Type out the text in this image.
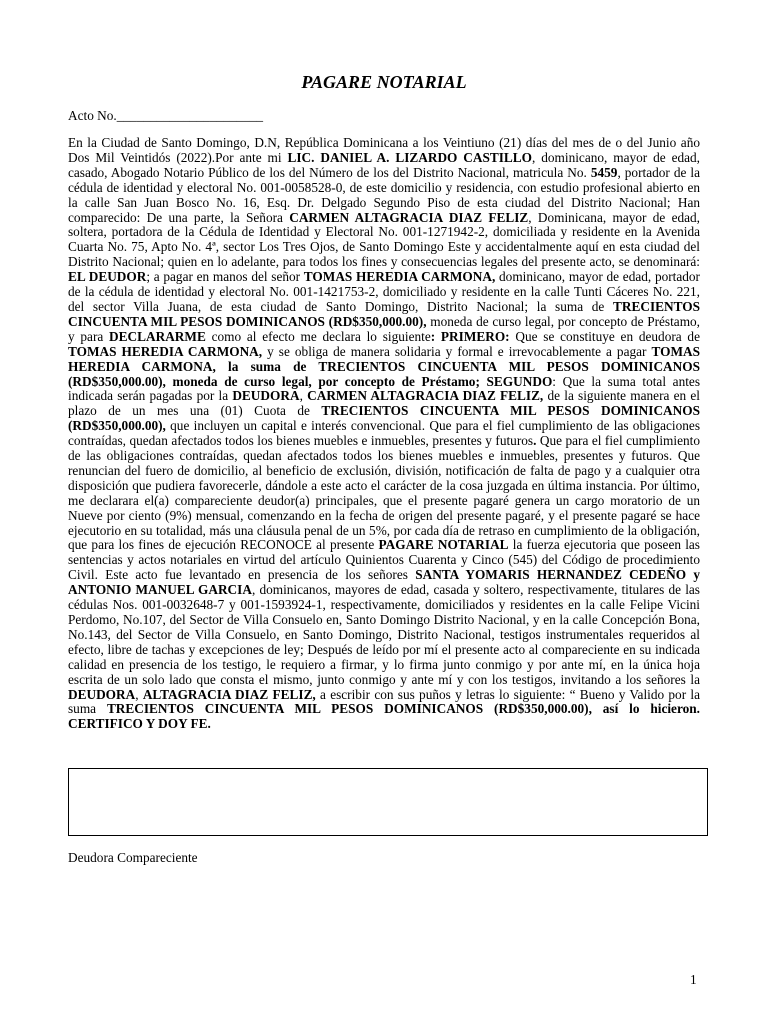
PAGARE NOTARIAL
Acto No.______________________
En la Ciudad de Santo Domingo, D.N, República Dominicana a los Veintiuno (21) días del mes de o del Junio año Dos Mil Veintidós (2022).Por ante mi LIC. DANIEL A. LIZARDO CASTILLO, dominicano, mayor de edad, casado, Abogado Notario Público de los del Número de los del Distrito Nacional, matricula No. 5459, portador de la cédula de identidad y electoral No. 001-0058528-0, de este domicilio y residencia, con estudio profesional abierto en la calle San Juan Bosco No. 16, Esq. Dr. Delgado Segundo Piso de esta ciudad del Distrito Nacional; Han comparecido: De una parte, la Señora CARMEN ALTAGRACIA DIAZ FELIZ, Dominicana, mayor de edad, soltera, portadora de la Cédula de Identidad y Electoral No. 001-1271942-2, domiciliada y residente en la Avenida Cuarta No. 75, Apto No. 4ª, sector Los Tres Ojos, de Santo Domingo Este y accidentalmente aquí en esta ciudad del Distrito Nacional; quien en lo adelante, para todos los fines y consecuencias legales del presente acto, se denominará: EL DEUDOR; a pagar en manos del señor TOMAS HEREDIA CARMONA, dominicano, mayor de edad, portador de la cédula de identidad y electoral No. 001-1421753-2, domiciliado y residente en la calle Tunti Cáceres No. 221, del sector Villa Juana, de esta ciudad de Santo Domingo, Distrito Nacional; la suma de TRECIENTOS CINCUENTA MIL PESOS DOMINICANOS (RD$350,000.00), moneda de curso legal, por concepto de Préstamo, y para DECLARARME como al efecto me declara lo siguiente: PRIMERO: Que se constituye en deudora de TOMAS HEREDIA CARMONA, y se obliga de manera solidaria y formal e irrevocablemente a pagar TOMAS HEREDIA CARMONA, la suma de TRECIENTOS CINCUENTA MIL PESOS DOMINICANOS (RD$350,000.00), moneda de curso legal, por concepto de Préstamo; SEGUNDO: Que la suma total antes indicada serán pagadas por la DEUDORA, CARMEN ALTAGRACIA DIAZ FELIZ, de la siguiente manera en el plazo de un mes una (01) Cuota de TRECIENTOS CINCUENTA MIL PESOS DOMINICANOS (RD$350,000.00), que incluyen un capital e interés convencional. Que para el fiel cumplimiento de las obligaciones contraídas, quedan afectados todos los bienes muebles e inmuebles, presentes y futuros. Que para el fiel cumplimiento de las obligaciones contraídas, quedan afectados todos los bienes muebles e inmuebles, presentes y futuros. Que renuncian del fuero de domicilio, al beneficio de exclusión, división, notificación de falta de pago y a cualquier otra disposición que pudiera favorecerle, dándole a este acto el carácter de la cosa juzgada en última instancia. Por último, me declarara el(a) compareciente deudor(a) principales, que el presente pagaré genera un cargo moratorio de un Nueve por ciento (9%) mensual, comenzando en la fecha de origen del presente pagaré, y el presente pagaré se hace ejecutorio en su totalidad, más una cláusula penal de un 5%, por cada día de retraso en cumplimiento de la obligación, que para los fines de ejecución RECONOCE al presente PAGARE NOTARIAL la fuerza ejecutoria que poseen las sentencias y actos notariales en virtud del artículo Quinientos Cuarenta y Cinco (545) del Código de procedimiento Civil. Este acto fue levantado en presencia de los señores SANTA YOMARIS HERNANDEZ CEDEÑO y ANTONIO MANUEL GARCIA, dominicanos, mayores de edad, casada y soltero, respectivamente, titulares de las cédulas Nos. 001-0032648-7 y 001-1593924-1, respectivamente, domiciliados y residentes en la calle Felipe Vicini Perdomo, No.107, del Sector de Villa Consuelo en, Santo Domingo Distrito Nacional, y en la calle Concepción Bona, No.143, del Sector de Villa Consuelo, en Santo Domingo, Distrito Nacional, testigos instrumentales requeridos al efecto, libre de tachas y excepciones de ley; Después de leído por mí el presente acto al compareciente en su indicada calidad en presencia de los testigo, le requiero a firmar, y lo firma junto conmigo y por ante mí, en la única hoja escrita de un solo lado que consta el mismo, junto conmigo y ante mí y con los testigos, invitando a los señores la DEUDORA, ALTAGRACIA DIAZ FELIZ, a escribir con sus puños y letras lo siguiente: “ Bueno y Valido por la suma TRECIENTOS CINCUENTA MIL PESOS DOMINICANOS (RD$350,000.00), así lo hicieron. CERTIFICO Y DOY FE.
Deudora Compareciente
1
